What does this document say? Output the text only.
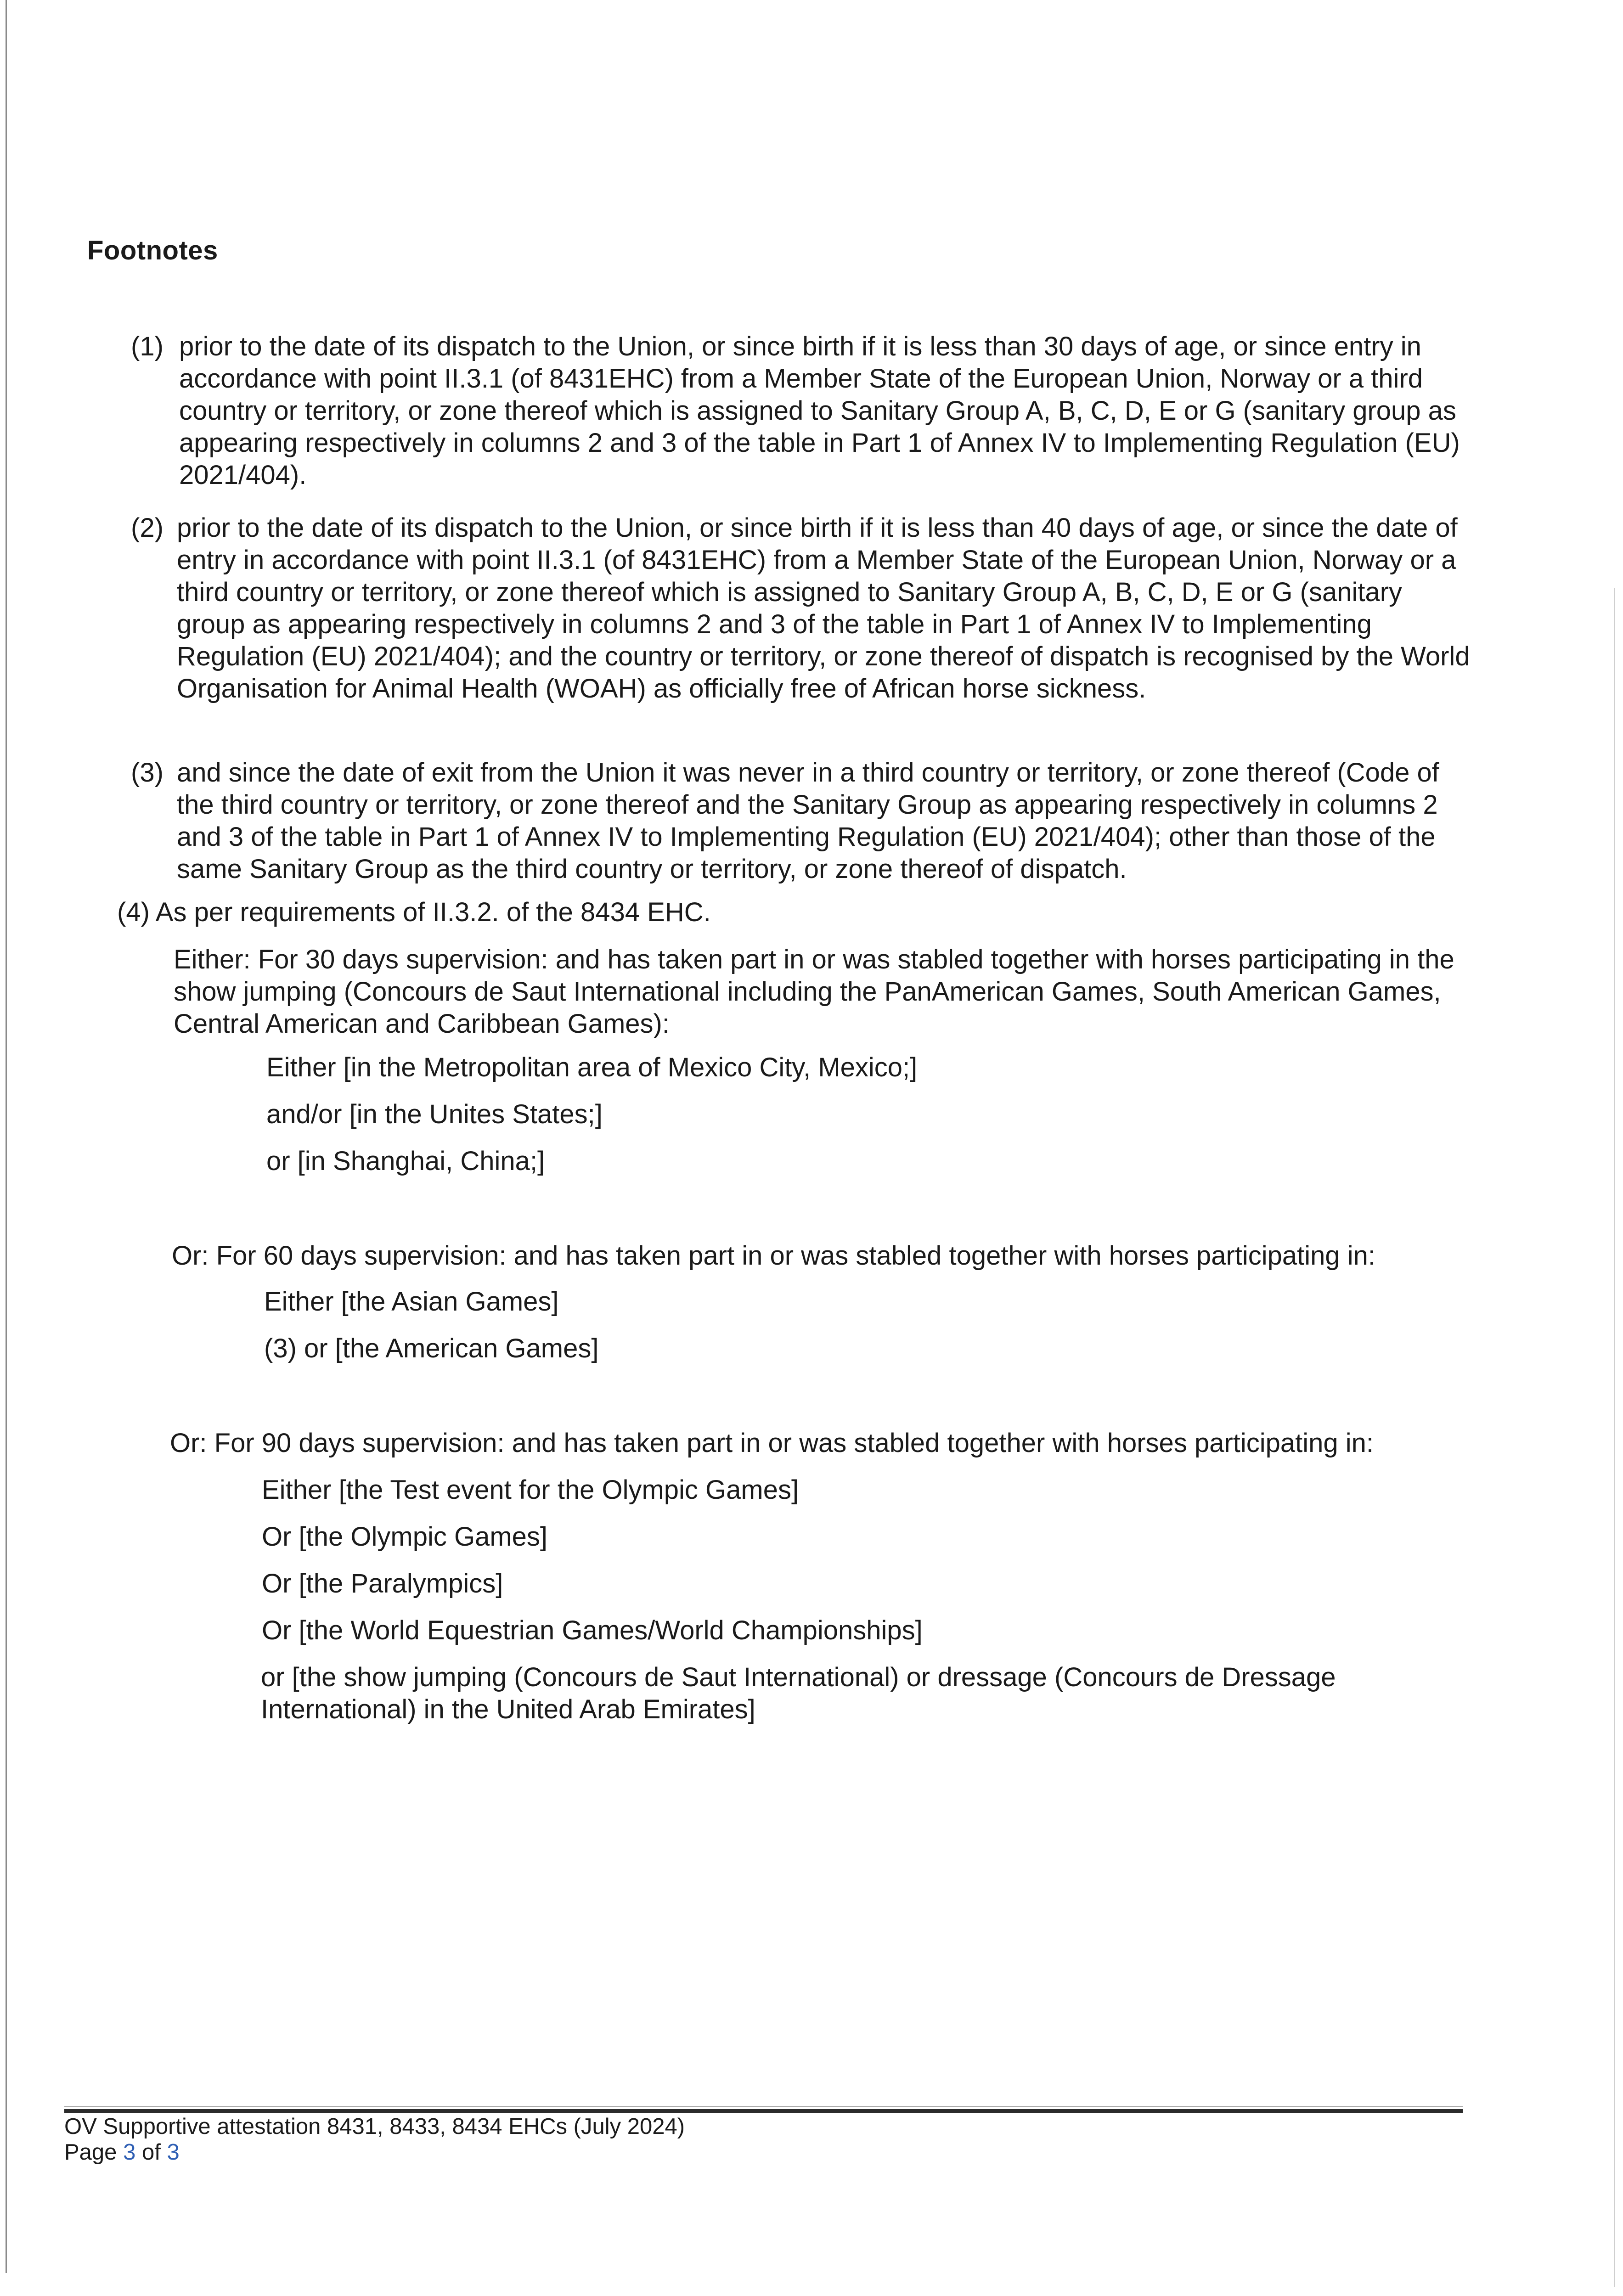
Footnotes
(1) prior to the date of its dispatch to the Union, or since birth if it is less than 30 days of age, or since entry in accordance with point II.3.1 (of 8431EHC) from a Member State of the European Union, Norway or a third country or territory, or zone thereof which is assigned to Sanitary Group A, B, C, D, E or G (sanitary group as appearing respectively in columns 2 and 3 of the table in Part 1 of Annex IV to Implementing Regulation (EU) 2021/404).
(2) prior to the date of its dispatch to the Union, or since birth if it is less than 40 days of age, or since the date of entry in accordance with point II.3.1 (of 8431EHC) from a Member State of the European Union, Norway or a third country or territory, or zone thereof which is assigned to Sanitary Group A, B, C, D, E or G (sanitary group as appearing respectively in columns 2 and 3 of the table in Part 1 of Annex IV to Implementing Regulation (EU) 2021/404); and the country or territory, or zone thereof of dispatch is recognised by the World Organisation for Animal Health (WOAH) as officially free of African horse sickness.
(3) and since the date of exit from the Union it was never in a third country or territory, or zone thereof (Code of the third country or territory, or zone thereof and the Sanitary Group as appearing respectively in columns 2 and 3 of the table in Part 1 of Annex IV to Implementing Regulation (EU) 2021/404); other than those of the same Sanitary Group as the third country or territory, or zone thereof of dispatch.
(4) As per requirements of II.3.2. of the 8434 EHC.
Either: For 30 days supervision: and has taken part in or was stabled together with horses participating in the show jumping (Concours de Saut International including the PanAmerican Games, South American Games, Central American and Caribbean Games):
Either [in the Metropolitan area of Mexico City, Mexico;]
and/or [in the Unites States;]
or [in Shanghai, China;]
Or: For 60 days supervision: and has taken part in or was stabled together with horses participating in:
Either [the Asian Games]
(3) or [the American Games]
Or: For 90 days supervision: and has taken part in or was stabled together with horses participating in:
Either [the Test event for the Olympic Games]
Or [the Olympic Games]
Or [the Paralympics]
Or [the World Equestrian Games/World Championships]
or [the show jumping (Concours de Saut International) or dressage (Concours de Dressage International) in the United Arab Emirates]
OV Supportive attestation 8431, 8433, 8434 EHCs (July 2024)
Page 3 of 3
